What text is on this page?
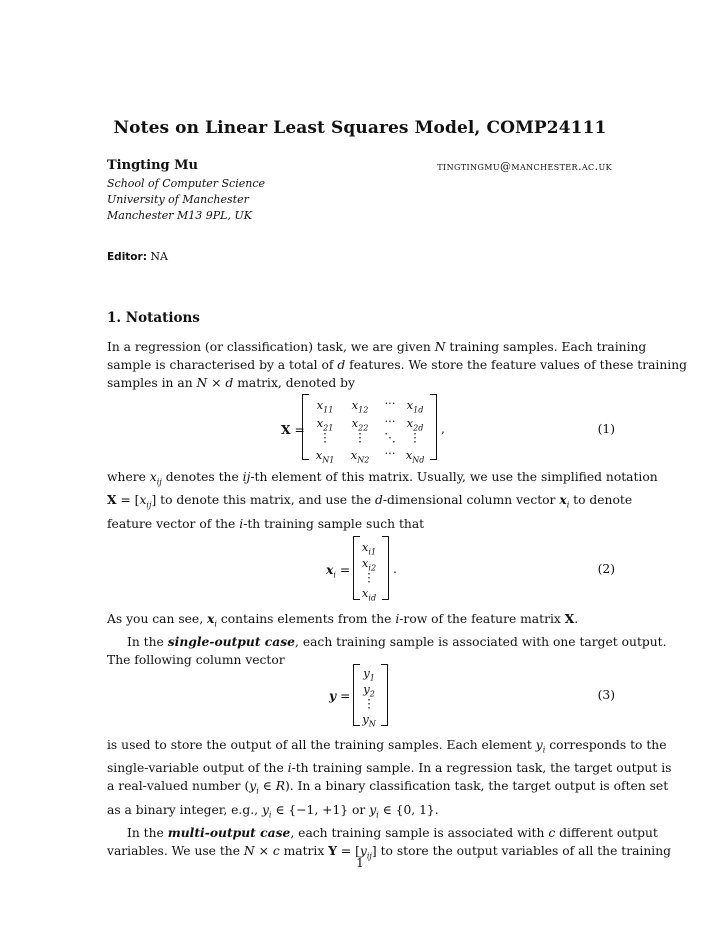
Notes on Linear Least Squares Model, COMP24111
Tingting Mu	tingtingmu@manchester.ac.uk
School of Computer Science
University of Manchester
Manchester M13 9PL, UK
Editor: NA
1. Notations
In a regression (or classification) task, we are given N training samples. Each training
sample is characterised by a total of d features. We store the feature values of these training
samples in an N × d matrix, denoted by
X =
$x_{11}$	$x_{12}$	··· $x_{1d}$
$x_{21}$	$x_{22}$	··· $x_{2d}$
⋮	⋮	⋱	⋮
$x_{N1}$	$x_{N2}$	··· $x_{Nd}$
,	(1)
where $x_{ij}$ denotes the ij-th element of this matrix. Usually, we use the simplified notation
$X = [x_{ij}]$ to denote this matrix, and use the d-dimensional column vector $x_i$ to denote
feature vector of the i-th training sample such that
$x_i$ =
$x_{i1}$
$x_{i2}$
⋮
$x_{id}$
.	(2)
As you can see, $x_i$ contains elements from the i-row of the feature matrix X.
In the single-output case, each training sample is associated with one target output.
The following column vector
y =
$y_1$
$y_2$
⋮
$y_N$
(3)
is used to store the output of all the training samples. Each element $y_i$ corresponds to the
single-variable output of the i-th training sample. In a regression task, the target output is
a real-valued number ($y_i$ ∈ R). In a binary classification task, the target output is often set
as a binary integer, e.g., $y_i$ ∈ {−1, +1} or $y_i$ ∈ {0, 1}.
In the multi-output case, each training sample is associated with c different output
variables. We use the N × c matrix $Y = [y_{ij}]$ to store the output variables of all the training
1
